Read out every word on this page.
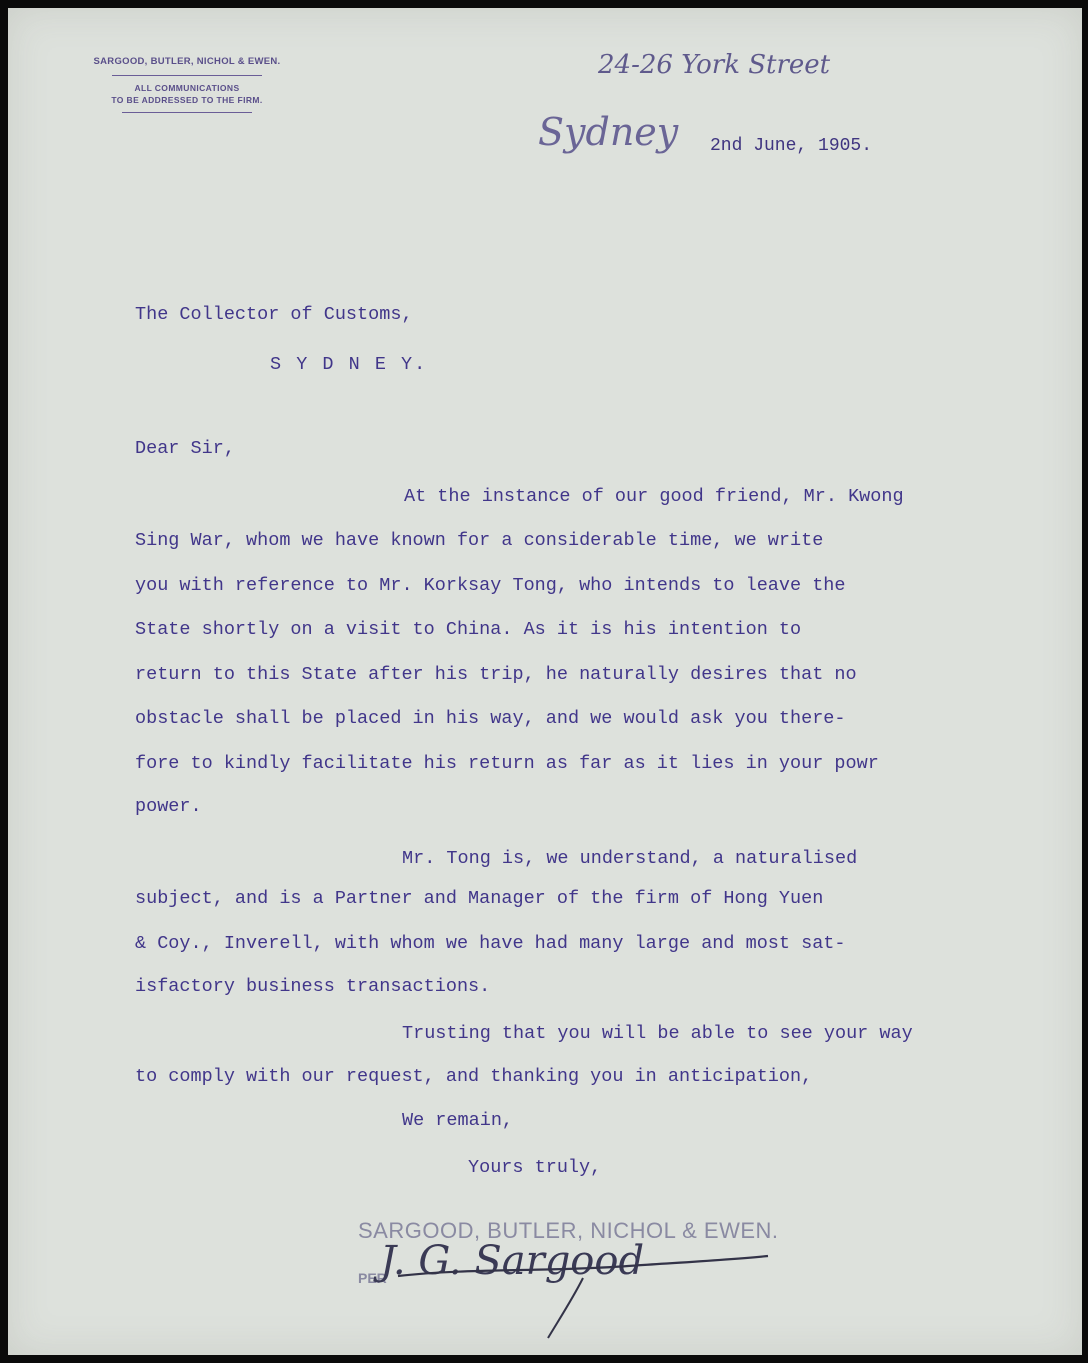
SARGOOD, BUTLER, NICHOL & EWEN.
ALL COMMUNICATIONS
TO BE ADDRESSED TO THE FIRM.
24-26 York Street
Sydney 2nd June, 1905.
The Collector of Customs,
S Y D N E Y.
Dear Sir,
At the instance of our good friend, Mr. Kwong
Sing War, whom we have known for a considerable time, we write
you with reference to Mr. Korksay Tong, who intends to leave the
State shortly on a visit to China. As it is his intention to
return to this State after his trip, he naturally desires that no
obstacle shall be placed in his way, and we would ask you there-
fore to kindly facilitate his return as far as it lies in your powr
power.
Mr. Tong is, we understand, a naturalised
subject, and is a Partner and Manager of the firm of Hong Yuen
& Coy., Inverell, with whom we have had many large and most sat-
isfactory business transactions.
Trusting that you will be able to see your way
to comply with our request, and thanking you in anticipation,
We remain,
Yours truly,
SARGOOD, BUTLER, NICHOL & EWEN.
PER
J. G. Sargood
